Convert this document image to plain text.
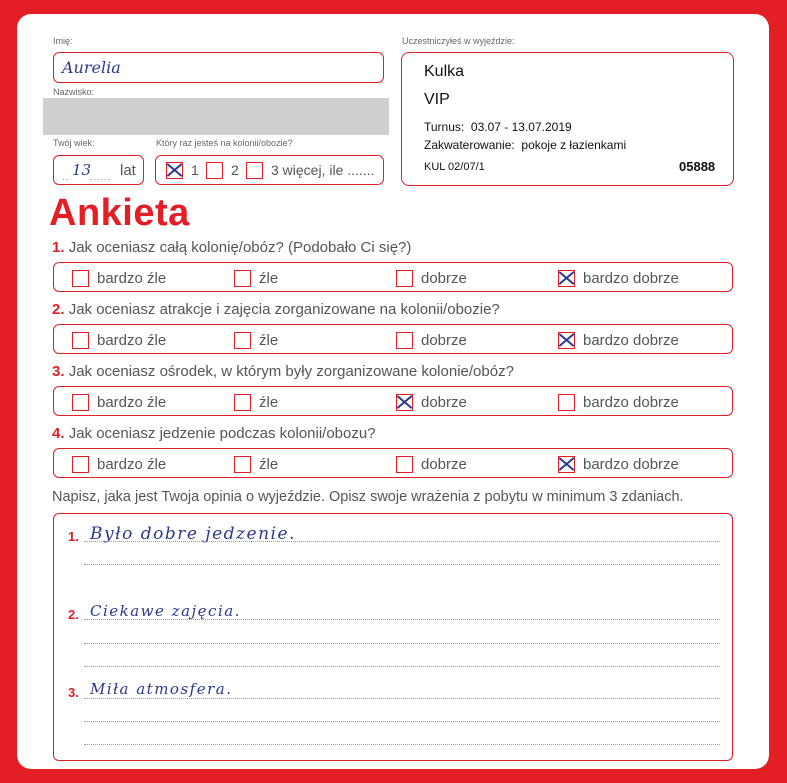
Imię:
Aurelia
Nazwisko:
Twój wiek:
.. 13
...... lat
Który raz jesteś na kolonii/obozie?
1 2 3 więcej, ile .......
Uczestniczyłeś w wyjeździe:
Kulka
VIP
Turnus: 03.07 - 13.07.2019
Zakwaterowanie: pokoje z łazienkami
KUL 02/07/1	05888
Ankieta
1. Jak oceniasz całą kolonię/obóz? (Podobało Ci się?)
bardzo źle	źle	dobrze	bardzo dobrze
2. Jak oceniasz atrakcje i zajęcia zorganizowane na kolonii/obozie?
bardzo źle	źle	dobrze	bardzo dobrze
3. Jak oceniasz ośrodek, w którym były zorganizowane kolonie/obóz?
bardzo źle	źle	dobrze	bardzo dobrze
4. Jak oceniasz jedzenie podczas kolonii/obozu?
bardzo źle	źle	dobrze	bardzo dobrze
Napisz, jaka jest Twoja opinia o wyjeździe. Opisz swoje wrażenia z pobytu w minimum 3 zdaniach.
1. Było dobre jedzenie.
2. Ciekawe zajęcia.
3. Miła atmosfera.
